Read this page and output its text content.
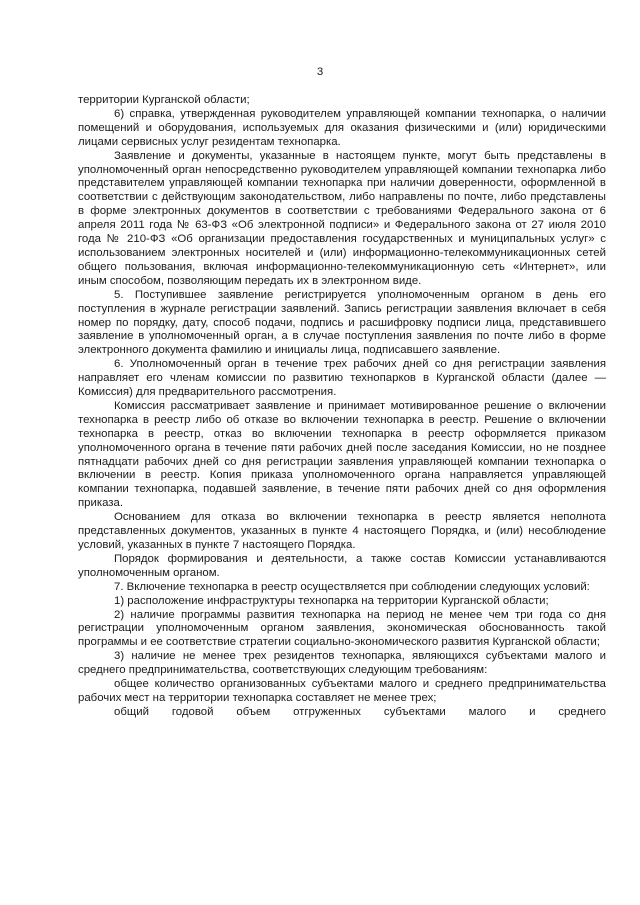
3

территории Курганской области;

6) справка, утвержденная руководителем управляющей компании технопарка, о наличии помещений и оборудования, используемых для оказания физическими и (или) юридическими лицами сервисных услуг резидентам технопарка.

Заявление и документы, указанные в настоящем пункте, могут быть представлены в уполномоченный орган непосредственно руководителем управляющей компании технопарка либо представителем управляющей компании технопарка при наличии доверенности, оформленной в соответствии с действующим законодательством, либо направлены по почте, либо представлены в форме электронных документов в соответствии с требованиями Федерального закона от 6 апреля 2011 года № 63-ФЗ «Об электронной подписи» и Федерального закона от 27 июля 2010 года № 210-ФЗ «Об организации предоставления государственных и муниципальных услуг» с использованием электронных носителей и (или) информационно-телекоммуникационных сетей общего пользования, включая информационно-телекоммуникационную сеть «Интернет», или иным способом, позволяющим передать их в электронном виде.

5. Поступившее заявление регистрируется уполномоченным органом в день его поступления в журнале регистрации заявлений. Запись регистрации заявления включает в себя номер по порядку, дату, способ подачи, подпись и расшифровку подписи лица, представившего заявление в уполномоченный орган, а в случае поступления заявления по почте либо в форме электронного документа фамилию и инициалы лица, подписавшего заявление.

6. Уполномоченный орган в течение трех рабочих дней со дня регистрации заявления направляет его членам комиссии по развитию технопарков в Курганской области (далее — Комиссия) для предварительного рассмотрения.

Комиссия рассматривает заявление и принимает мотивированное решение о включении технопарка в реестр либо об отказе во включении технопарка в реестр. Решение о включении технопарка в реестр, отказ во включении технопарка в реестр оформляется приказом уполномоченного органа в течение пяти рабочих дней после заседания Комиссии, но не позднее пятнадцати рабочих дней со дня регистрации заявления управляющей компании технопарка о включении в реестр. Копия приказа уполномоченного органа направляется управляющей компании технопарка, подавшей заявление, в течение пяти рабочих дней со дня оформления приказа.

Основанием для отказа во включении технопарка в реестр является неполнота представленных документов, указанных в пункте 4 настоящего Порядка, и (или) несоблюдение условий, указанных в пункте 7 настоящего Порядка.

Порядок формирования и деятельности, а также состав Комиссии устанавливаются уполномоченным органом.

7. Включение технопарка в реестр осуществляется при соблюдении следующих условий:

1) расположение инфраструктуры технопарка на территории Курганской области;

2) наличие программы развития технопарка на период не менее чем три года со дня регистрации уполномоченным органом заявления, экономическая обоснованность такой программы и ее соответствие стратегии социально-экономического развития Курганской области;

3) наличие не менее трех резидентов технопарка, являющихся субъектами малого и среднего предпринимательства, соответствующих следующим требованиям:

общее количество организованных субъектами малого и среднего предпринимательства рабочих мест на территории технопарка составляет не менее трех;

общий годовой объем отгруженных субъектами малого и среднего
